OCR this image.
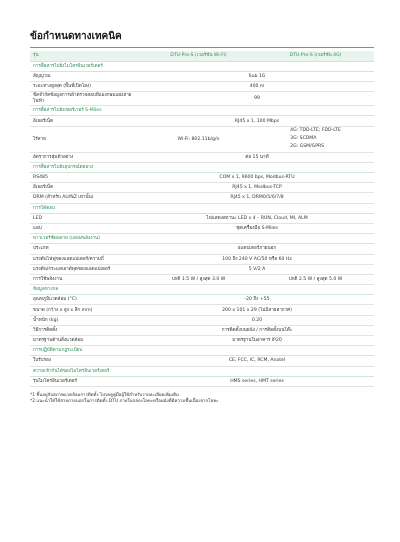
ข้อกำหนดทางเทคนิค
รุ่น	DTU-Pro-S (เวอร์ชัน Wi-Fi)	DTU-Pro-S (เวอร์ชัน 4G)
การสื่อสารไปยังไมโครอินเวอร์เตอร์		
สัญญาณ	Sub 1G	
ระยะทางสูงสุด (พื้นที่เปิดโล่ง)	400 m	
ขีดจำกัดข้อมูลการเฝ้าตรวจสอบที่แผงกษมแผ่งสายไฟฟ้า	99	
การสื่อสารไปยังเซอร์เวอร์ S-Miles		
อีเธอร์เน็ต	RJ45 x 1, 100 Mbps	
ไร้สาย	Wi-Fi: 802.11b/g/n	4G: TDD-LTE; FDD-LTE
3G: SCDMA
2G: GSM/GPRS
อัตราการสุ่มตัวอย่าง	ต่อ 15 นาที	
การสื่อสารไปยังอุปกรณ์ต่อพ่วง		
RS485	COM x 1, 9600 bps, Modbus-RTU	
อีเธอร์เน็ต	RJ45 x 1, Modbus-TCP	
DRM (สำหรับ AU/NZ เท่านั้น)	RJ45 x 1, DRM0/5/6/7/8	
การโต้ตอบ		
LED	ไฟแสดงสถานะ LED x 4 – RUN, Cloud, MI, ALM	
แอป	ชุดเครื่องมือ S-Miles	
พาวเวอร์ซัพพลาย (แหล่งพลังงาน)		
ประเภท	อแดปเตอร์ภายนอก	
แรงดันไฟฟูของแอดแปเตอร์/ความถี่	100 ถึง 240 V AC/50 หรือ 60 Hz	
แรงดัน/กระแสเอาต์พุตของแอดแปเตอร์	5 V/2 A	
การใช้พลังงาน	ปกติ 1.5 W / สูงสุด 3.0 W	ปกติ 2.5 W / สูงสุด 5.0 W
ข้อมูลทางกล		
อุณหภูมิแวดล้อม (°C)	-20 ถึง +55	
ขนาด (กว้าง x สูง x ลึก mm)	200 x 101 x 29 (ไม่มีสายอากาศ)	
น้ำหนัก (kg)	0.20	
วิธีการติดตั้ง	การติดตั้งบนผนัง / การติดตั้งบนโต๊ะ	
มาตรฐานด้านสิ่งแวดล้อม	มาตรฐานในอาคาร IP20	
การปฏิบัติตามกฎระเบียบ		
ใบรับรอง	CE, FCC, IC, RCM, Anatel	
ความเข้ากันได้ของไมโครอินเวอร์เตอร์		
รุ่นไมโครอินเวอร์เตอร์	HMS series, HMT series	
*1 ขึ้นอยู่กับสภาพแวดล้อมการติดตั้ง ไปรดดูคู่มือผู้ใช้สำหรับรายละเอียดเพิ่มเติม
*2 แนะนำให้ใช้สายภายนอกในการติดตั้ง DTU ภายในกล่องโลหะหรือผนังที่มีความชื้นเนื่องจากโลหะ
